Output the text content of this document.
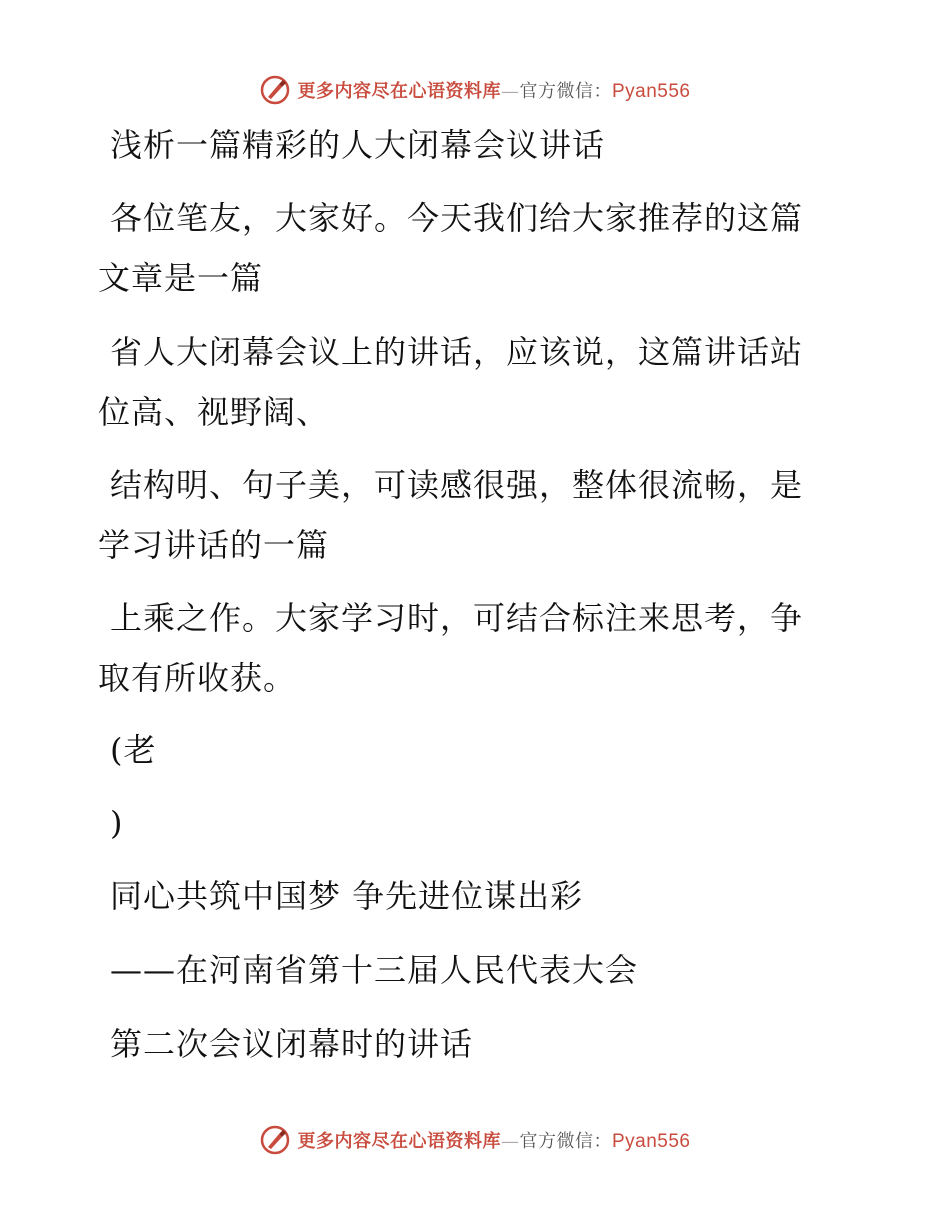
更多内容尽在心语资料库—官方微信：Pyan556
浅析一篇精彩的人大闭幕会议讲话
各位笔友，大家好。今天我们给大家推荐的这篇
文章是一篇
省人大闭幕会议上的讲话，应该说，这篇讲话站
位高、视野阔、
结构明、句子美，可读感很强，整体很流畅，是
学习讲话的一篇
上乘之作。大家学习时，可结合标注来思考，争
取有所收获。
(老
)
同心共筑中国梦 争先进位谋出彩
——在河南省第十三届人民代表大会
第二次会议闭幕时的讲话
更多内容尽在心语资料库—官方微信：Pyan556
